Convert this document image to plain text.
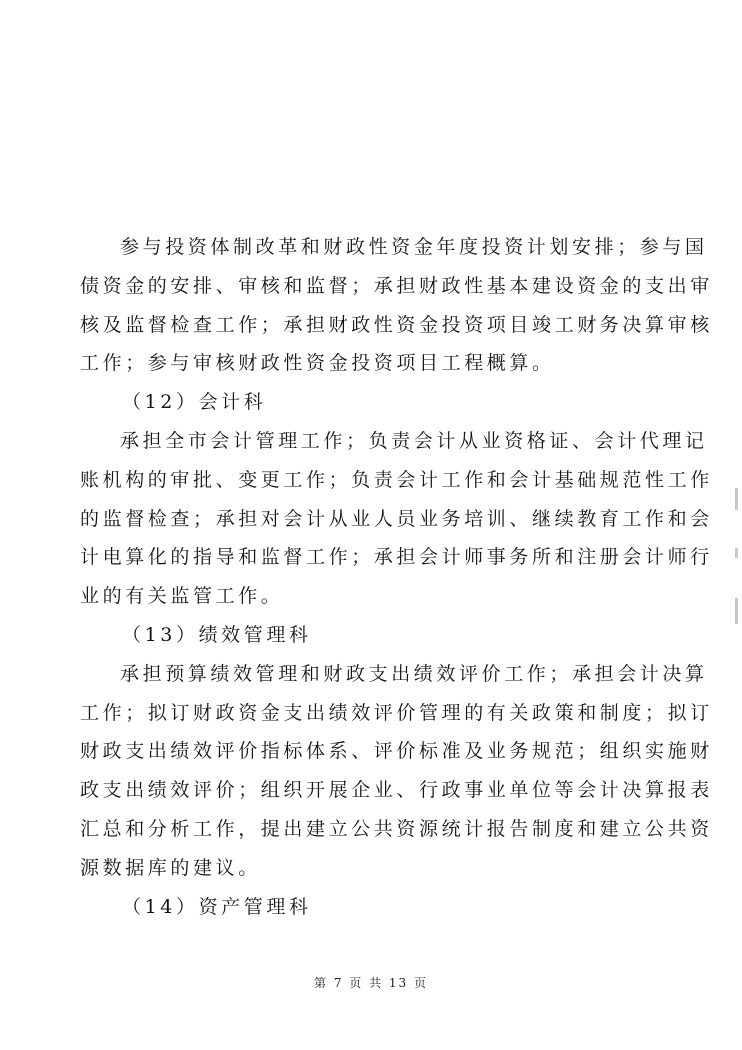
参与投资体制改革和财政性资金年度投资计划安排；参与国
债资金的安排、审核和监督；承担财政性基本建设资金的支出审
核及监督检查工作；承担财政性资金投资项目竣工财务决算审核
工作；参与审核财政性资金投资项目工程概算。
（12）会计科
承担全市会计管理工作；负责会计从业资格证、会计代理记
账机构的审批、变更工作；负责会计工作和会计基础规范性工作
的监督检查；承担对会计从业人员业务培训、继续教育工作和会
计电算化的指导和监督工作；承担会计师事务所和注册会计师行
业的有关监管工作。
（13）绩效管理科
承担预算绩效管理和财政支出绩效评价工作；承担会计决算
工作；拟订财政资金支出绩效评价管理的有关政策和制度；拟订
财政支出绩效评价指标体系、评价标准及业务规范；组织实施财
政支出绩效评价；组织开展企业、行政事业单位等会计决算报表
汇总和分析工作，提出建立公共资源统计报告制度和建立公共资
源数据库的建议。
（14）资产管理科
第 7 页 共 13 页
